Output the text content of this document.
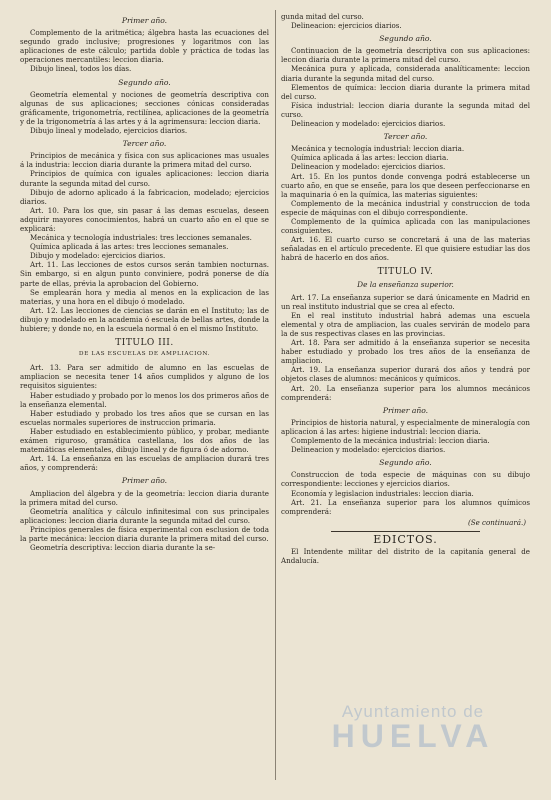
Primer año.

Complemento de la aritmética; álgebra hasta las ecuaciones del segundo grado inclusive; progresiones y logaritmos con las aplicaciones de este cálculo; partida doble y práctica de todas las operaciones mercantiles: leccion diaria.

Dibujo lineal, todos los días.

Segundo año.

Geometría elemental y nociones de geometría descriptiva con algunas de sus aplicaciones; secciones cónicas consideradas gráficamente, trigonometría, rectilínea, aplicaciones de la geometría y de la trigonometría á las artes y á la agrimensura: leccion diaria.

Dibujo lineal y modelado, ejercicios diarios.

Tercer año.

Principios de mecánica y física con sus aplicaciones mas usuales á la industria: leccion diaria durante la primera mitad del curso.

Principios de química con iguales aplicaciones: leccion diaria durante la segunda mitad del curso.

Dibujo de adorno aplicado á la fabricacion, modelado; ejercicios diarios.

Art. 10. Para los que, sin pasar á las demas escuelas, deseen adquirir mayores conocimientos, habrá un cuarto año en el que se explicará:

Mecánica y tecnología industriales: tres lecciones semanales.

Química aplicada á las artes: tres lecciones semanales.

Dibujo y modelado: ejercicios diarios.

Art. 11. Las lecciones de estos cursos serán tambien nocturnas. Sin embargo, si en algun punto conviniere, podrá ponerse de día parte de ellas, prévia la aprobacion del Gobierno.

Se emplearán hora y media al menos en la explicacion de las materias, y una hora en el dibujo ó modelado.

Art. 12. Las lecciones de ciencias se darán en el Instituto; las de dibujo y modelado en la academia ó escuela de bellas artes, donde la hubiere; y donde no, en la escuela normal ó en el mismo Instituto.

TITULO III.
DE LAS ESCUELAS DE AMPLIACION.

Art. 13. Para ser admitido de alumno en las escuelas de ampliacion se necesita tener 14 años cumplidos y alguno de los requisitos siguientes:

Haber estudiado y probado por lo menos los dos primeros años de la enseñanza elemental.

Haber estudiado y probado los tres años que se cursan en las escuelas normales superiores de instruccion primaria.

Haber estudiado en establecimiento público, y probar, mediante exámen riguroso, gramática castellana, los dos años de las matemáticas elementales, dibujo lineal y de figura ó de adorno.

Art. 14. La enseñanza en las escuelas de ampliacion durará tres años, y comprenderá:

Primer año.

Ampliacion del álgebra y de la geometría: leccion diaria durante la primera mitad del curso.

Geometría analítica y cálculo infinitesimal con sus principales aplicaciones: leccion diaria durante la segunda mitad del curso.

Principios generales de física experimental con esclusion de toda la parte mecánica: leccion diaria durante la primera mitad del curso.

Geometría descriptiva: leccion diaria durante la se-

gunda mitad del curso.

Delineacion: ejercicios diarios.

Segundo año.

Continuacion de la geometría descriptiva con sus aplicaciones: leccion diaria durante la primera mitad del curso.

Mecánica pura y aplicada, considerada analíticamente: leccion diaria durante la segunda mitad del curso.

Elementos de química: leccion diaria durante la primera mitad del curso.

Física industrial: leccion diaria durante la segunda mitad del curso.

Delineacion y modelado: ejercicios diarios.

Tercer año.

Mecánica y tecnología industrial: leccion diaria.

Química aplicada á las artes: leccion diaria.

Delineacion y modelado: ejercicios diarios.

Art. 15. En los puntos donde convenga podrá establecerse un cuarto año, en que se enseñe, para los que deseen perfeccionarse en la maquinaria ó en la química, las materias siguientes:

Complemento de la mecánica industrial y construccion de toda especie de máquinas con el dibujo correspondiente.

Complemento de la química aplicada con las manipulaciones consiguientes.

Art. 16. El cuarto curso se concretará á una de las materias señaladas en el artículo precedente. El que quisiere estudiar las dos habrá de hacerlo en dos años.

TITULO IV.
De la enseñanza superior.

Art. 17. La enseñanza superior se dará únicamente en Madrid en un real instituto industrial que se crea al efecto.

En el real instituto industrial habrá ademas una escuela elemental y otra de ampliacion, las cuales servirán de modelo para la de sus respectivas clases en las provincias.

Art. 18. Para ser admitido á la enseñanza superior se necesita haber estudiado y probado los tres años de la enseñanza de ampliacion.

Art. 19. La enseñanza superior durará dos años y tendrá por objetos clases de alumnos: mecánicos y químicos.

Art. 20. La enseñanza superior para los alumnos mecánicos comprenderá:

Primer año.

Principios de historia natural, y especialmente de mineralogía con aplicacion á las artes: higiene industrial: leccion diaria.

Complemento de la mecánica industrial: leccion diaria.

Delineacion y modelado: ejercicios diarios.

Segundo año.

Construccion de toda especie de máquinas con su dibujo correspondiente: lecciones y ejercicios diarios.

Economía y legislacion industriales: leccion diaria.

Art. 21. La enseñanza superior para los alumnos químicos comprenderá:

(Se continuará.)
EDICTOS.

El Intendente militar del distrito de la capitanía general de Andalucía.

Ayuntamiento de
HUELVA
